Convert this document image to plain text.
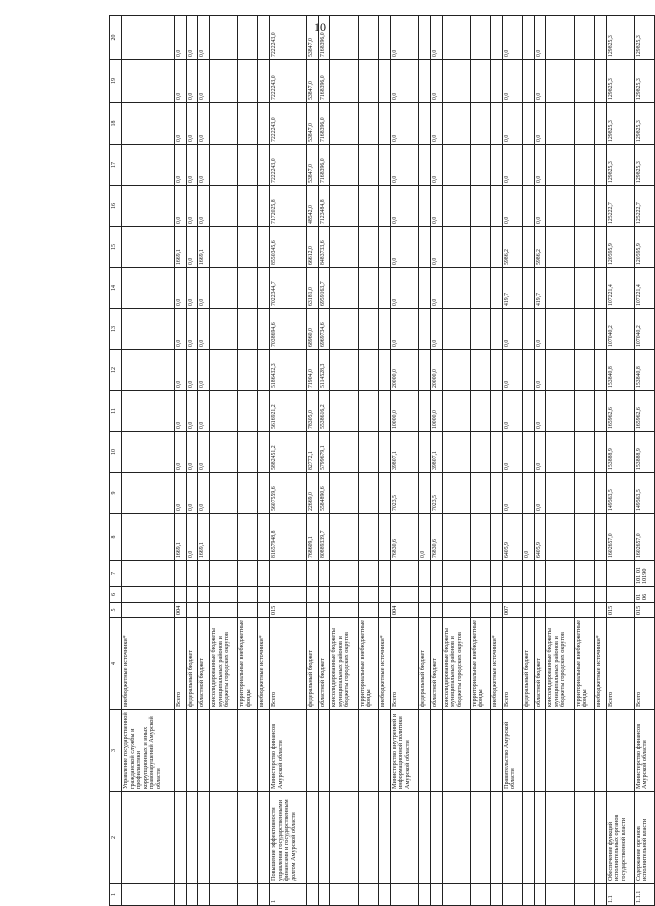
10
1	2	3	4	5	6	7	8	9	10	11	12	13	14	15	16	17	18	19	20
		Управление государственной гражданской службы и профилактики коррупционных и иных правонарушений Амурской области	внебюджетные источники*																
			Всего	004			1669,1	0,0	0,0	0,0	0,0	0,0	0,0	1669,1	0,0	0,0	0,0	0,0	0,0
			федеральный бюджет				0,0	0,0	0,0	0,0	0,0	0,0	0,0	0,0	0,0	0,0	0,0	0,0	0,0
			областной бюджет				1669,1	0,0	0,0	0,0	0,0	0,0	0,0	1669,1	0,0	0,0	0,0	0,0	0,0
			консолидированные бюджеты муниципальных районов и бюджеты городских округов																
			территориальные внебюджетные фонды																
			внебюджетные источники*																
1	Повышение эффективности управления государственными финансами и государственным долгом Амурской области	Министерство финансов Амурской области	Всего	015			81657948,8	5607559,6	5882451,2	5616921,2	5186432,3	7038694,6	7022344,7	8550345,6	7172025,8	7222243,0	7222243,0	7222243,0	7222243,0
			федеральный бюджет				768609,1	22669,0	82772,1	78305,0	71904,0	68960,0	63181,0	66612,0	48542,0	53847,0	53847,0	53847,0	53847,0
			областной бюджет				80889339,7	5584890,6	5799679,1	5538616,2	5114528,3	6969734,6	6959163,7	8483733,6	7123484,8	7168396,0	7168396,0	7168396,0	7168396,0
			консолидированные бюджеты муниципальных районов и бюджеты городских округов																
			территориальные внебюджетные фонды																
			внебюджетные источники*																
		Министерство внутренней и информационной политики Амурской области	Всего	004			76830,6	7023,5	39807,1	10000,0	20000,0	0,0	0,0	0,0	0,0	0,0	0,0	0,0	0,0
			федеральный бюджет				0,0												
			областной бюджет				76830,6	7023,5	39807,1	10000,0	20000,0	0,0	0,0	0,0	0,0	0,0	0,0	0,0	0,0
			консолидированные бюджеты муниципальных районов и бюджеты городских округов																
			территориальные внебюджетные фонды																
			внебюджетные источники*																
		Правительство Амурской области	Всего	007			6405,9	0,0	0,0	0,0	0,0	0,0	419,7	5986,2	0,0	0,0	0,0	0,0	0,0
			федеральный бюджет				0,0												
			областной бюджет				6405,9	0,0	0,0	0,0	0,0	0,0	419,7	5986,2	0,0	0,0	0,0	0,0	0,0
			консолидированные бюджеты муниципальных районов и бюджеты городских округов																
			территориальные внебюджетные фонды																
			внебюджетные источники*																
1.1	Обеспечение функций исполнительных органов государственной власти		Всего	015			1602657,0	149563,5	153888,9	165962,6	153840,8	107040,2	107221,4	120595,9	125222,7	129825,3	129825,3	129825,3	129825,3
1.1.1	Содержание органов исполнительной власти	Министерство финансов Амурской области	Всего	015	01 06	101 01 10190	1602657,0	149563,5	153888,9	165962,6	153840,8	107040,2	107221,4	120595,9	125222,7	129825,3	129825,3	129825,3	129825,3
